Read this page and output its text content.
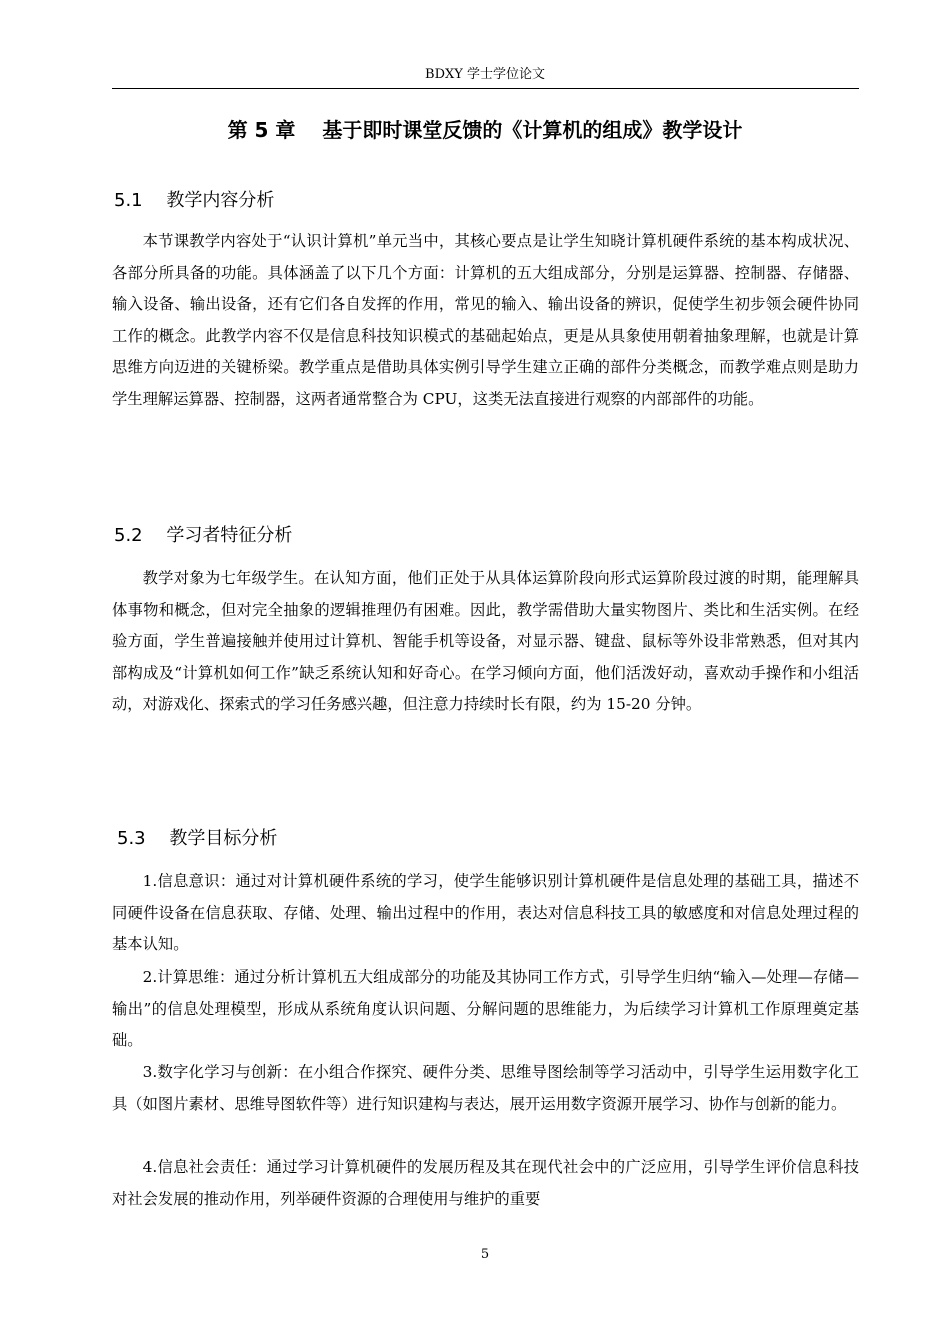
BDXY 学士学位论文
第 5 章　 基于即时课堂反馈的《计算机的组成》教学设计
5.1　 教学内容分析

本节课教学内容处于“认识计算机”单元当中，其核心要点是让学生知晓计算机硬件系统的基本构成状况、各部分所具备的功能。具体涵盖了以下几个方面：计算机的五大组成部分，分别是运算器、控制器、存储器、输入设备、输出设备，还有它们各自发挥的作用，常见的输入、输出设备的辨识，促使学生初步领会硬件协同工作的概念。此教学内容不仅是信息科技知识模式的基础起始点，更是从具象使用朝着抽象理解，也就是计算思维方向迈进的关键桥梁。教学重点是借助具体实例引导学生建立正确的部件分类概念，而教学难点则是助力学生理解运算器、控制器，这两者通常整合为 CPU，这类无法直接进行观察的内部部件的功能。

5.2　 学习者特征分析

教学对象为七年级学生。在认知方面，他们正处于从具体运算阶段向形式运算阶段过渡的时期，能理解具体事物和概念，但对完全抽象的逻辑推理仍有困难。因此，教学需借助大量实物图片、类比和生活实例。在经验方面，学生普遍接触并使用过计算机、智能手机等设备，对显示器、键盘、鼠标等外设非常熟悉，但对其内部构成及“计算机如何工作”缺乏系统认知和好奇心。在学习倾向方面，他们活泼好动，喜欢动手操作和小组活动，对游戏化、探索式的学习任务感兴趣，但注意力持续时长有限，约为 15-20 分钟。

5.3　 教学目标分析

1.信息意识：通过对计算机硬件系统的学习，使学生能够识别计算机硬件是信息处理的基础工具，描述不同硬件设备在信息获取、存储、处理、输出过程中的作用，表达对信息科技工具的敏感度和对信息处理过程的基本认知。

2.计算思维：通过分析计算机五大组成部分的功能及其协同工作方式，引导学生归纳“输入—处理—存储—输出”的信息处理模型，形成从系统角度认识问题、分解问题的思维能力，为后续学习计算机工作原理奠定基础。

3.数字化学习与创新：在小组合作探究、硬件分类、思维导图绘制等学习活动中，引导学生运用数字化工具（如图片素材、思维导图软件等）进行知识建构与表达，展开运用数字资源开展学习、协作与创新的能力。

4.信息社会责任：通过学习计算机硬件的发展历程及其在现代社会中的广泛应用，引导学生评价信息科技对社会发展的推动作用，列举硬件资源的合理使用与维护的重要

5
